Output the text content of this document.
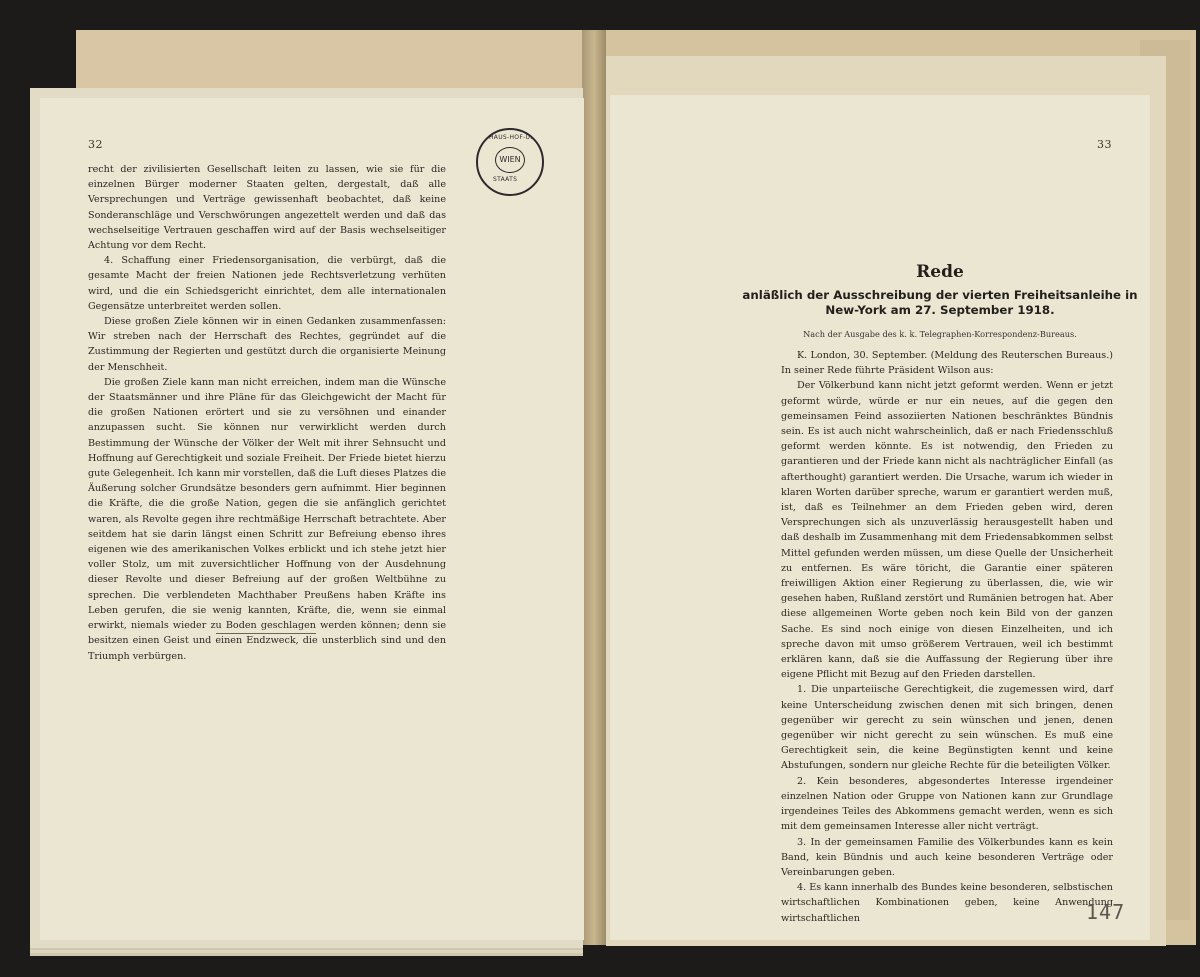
32
HAUS-HOF-U.
WIEN
STAATS

recht der zivilisierten Gesellschaft leiten zu lassen, wie sie für die einzelnen Bürger moderner Staaten gelten, dergestalt, daß alle Versprechungen und Verträge gewissenhaft beobachtet, daß keine Sonderanschläge und Verschwörungen angezettelt werden und daß das wechselseitige Vertrauen geschaffen wird auf der Basis wechselseitiger Achtung vor dem Recht.

4. Schaffung einer Friedensorganisation, die verbürgt, daß die gesamte Macht der freien Nationen jede Rechtsverletzung verhüten wird, und die ein Schiedsgericht einrichtet, dem alle internationalen Gegensätze unterbreitet werden sollen.

Diese großen Ziele können wir in einen Gedanken zusammenfassen: Wir streben nach der Herrschaft des Rechtes, gegründet auf die Zustimmung der Regierten und gestützt durch die organisierte Meinung der Menschheit.

Die großen Ziele kann man nicht erreichen, indem man die Wünsche der Staatsmänner und ihre Pläne für das Gleichgewicht der Macht für die großen Nationen erörtert und sie zu versöhnen und einander anzupassen sucht. Sie können nur verwirklicht werden durch Bestimmung der Wünsche der Völker der Welt mit ihrer Sehnsucht und Hoffnung auf Gerechtigkeit und soziale Freiheit. Der Friede bietet hierzu gute Gelegenheit. Ich kann mir vorstellen, daß die Luft dieses Platzes die Äußerung solcher Grundsätze besonders gern aufnimmt. Hier beginnen die Kräfte, die die große Nation, gegen die sie anfänglich gerichtet waren, als Revolte gegen ihre rechtmäßige Herrschaft betrachtete. Aber seitdem hat sie darin längst einen Schritt zur Befreiung ebenso ihres eigenen wie des amerikanischen Volkes erblickt und ich stehe jetzt hier voller Stolz, um mit zuversichtlicher Hoffnung von der Ausdehnung dieser Revolte und dieser Befreiung auf der großen Weltbühne zu sprechen. Die verblendeten Machthaber Preußens haben Kräfte ins Leben gerufen, die sie wenig kannten, Kräfte, die, wenn sie einmal erwirkt, niemals wieder zu Boden geschlagen werden können; denn sie besitzen einen Geist und einen Endzweck, die unsterblich sind und den Triumph verbürgen.

33
Rede
anläßlich der Ausschreibung der vierten Freiheitsanleihe in
New-York am 27. September 1918.
Nach der Ausgabe des k. k. Telegraphen-Korrespondenz-Bureaus.

K. London, 30. September. (Meldung des Reuterschen Bureaus.) In seiner Rede führte Präsident Wilson aus:

Der Völkerbund kann nicht jetzt geformt werden. Wenn er jetzt geformt würde, würde er nur ein neues, auf die gegen den gemeinsamen Feind assoziierten Nationen beschränktes Bündnis sein. Es ist auch nicht wahrscheinlich, daß er nach Friedensschluß geformt werden könnte. Es ist notwendig, den Frieden zu garantieren und der Friede kann nicht als nachträglicher Einfall (as afterthought) garantiert werden. Die Ursache, warum ich wieder in klaren Worten darüber spreche, warum er garantiert werden muß, ist, daß es Teilnehmer an dem Frieden geben wird, deren Versprechungen sich als unzuverlässig herausgestellt haben und daß deshalb im Zusammenhang mit dem Friedensabkommen selbst Mittel gefunden werden müssen, um diese Quelle der Unsicherheit zu entfernen. Es wäre töricht, die Garantie einer späteren freiwilligen Aktion einer Regierung zu überlassen, die, wie wir gesehen haben, Rußland zerstört und Rumänien betrogen hat. Aber diese allgemeinen Worte geben noch kein Bild von der ganzen Sache. Es sind noch einige von diesen Einzelheiten, und ich spreche davon mit umso größerem Vertrauen, weil ich bestimmt erklären kann, daß sie die Auffassung der Regierung über ihre eigene Pflicht mit Bezug auf den Frieden darstellen.

1. Die unparteiische Gerechtigkeit, die zugemessen wird, darf keine Unterscheidung zwischen denen mit sich bringen, denen gegenüber wir gerecht zu sein wünschen und jenen, denen gegenüber wir nicht gerecht zu sein wünschen. Es muß eine Gerechtigkeit sein, die keine Begünstigten kennt und keine Abstufungen, sondern nur gleiche Rechte für die beteiligten Völker.

2. Kein besonderes, abgesondertes Interesse irgendeiner einzelnen Nation oder Gruppe von Nationen kann zur Grundlage irgendeines Teiles des Abkommens gemacht werden, wenn es sich mit dem gemeinsamen Interesse aller nicht verträgt.

3. In der gemeinsamen Familie des Völkerbundes kann es kein Band, kein Bündnis und auch keine besonderen Verträge oder Vereinbarungen geben.

4. Es kann innerhalb des Bundes keine besonderen, selbstischen wirtschaftlichen Kombinationen geben, keine Anwendung wirtschaftlichen	147
